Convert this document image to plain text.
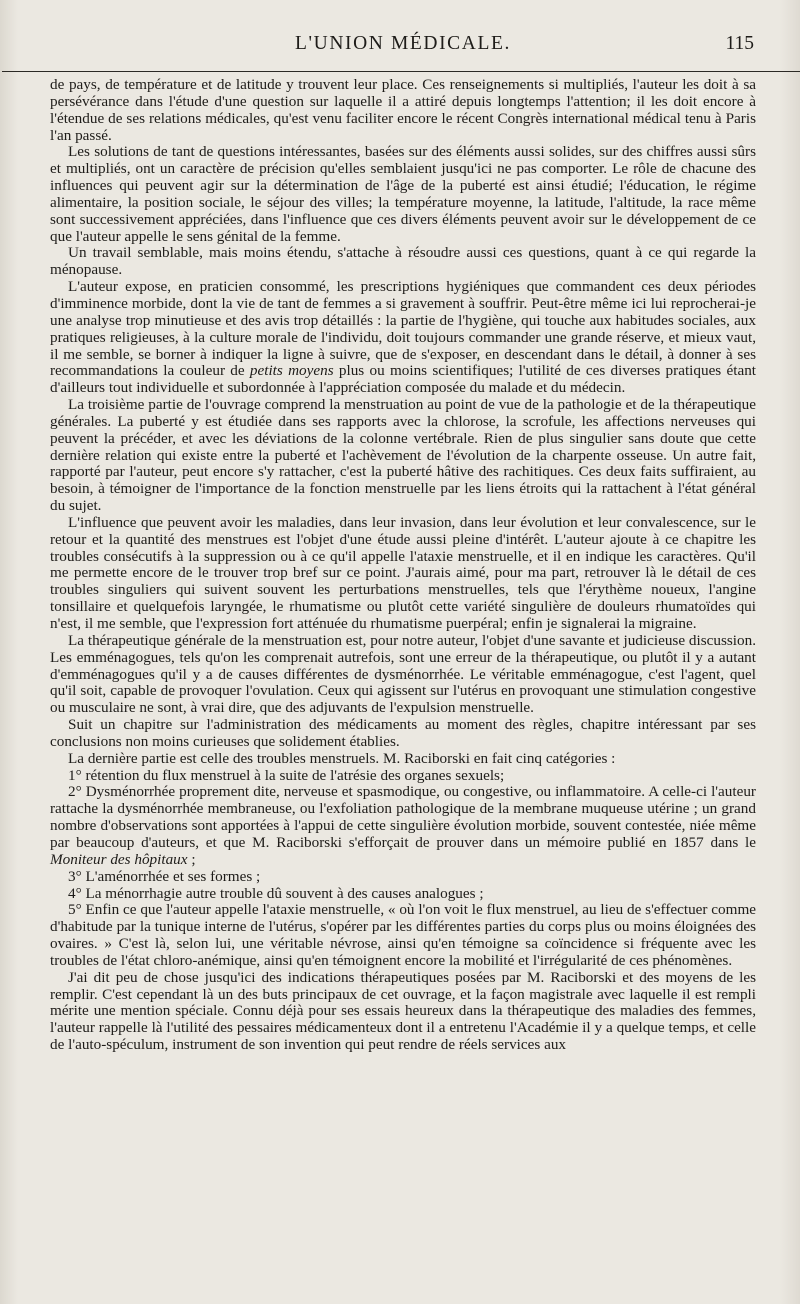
L'UNION MÉDICALE.	115

de pays, de température et de latitude y trouvent leur place. Ces renseignements si multipliés, l'auteur les doit à sa persévérance dans l'étude d'une question sur laquelle il a attiré depuis longtemps l'attention; il les doit encore à l'étendue de ses relations médicales, qu'est venu faciliter encore le récent Congrès international médical tenu à Paris l'an passé.

Les solutions de tant de questions intéressantes, basées sur des éléments aussi solides, sur des chiffres aussi sûrs et multipliés, ont un caractère de précision qu'elles semblaient jusqu'ici ne pas comporter. Le rôle de chacune des influences qui peuvent agir sur la détermination de l'âge de la puberté est ainsi étudié; l'éducation, le régime alimentaire, la position sociale, le séjour des villes; la température moyenne, la latitude, l'altitude, la race même sont successivement appréciées, dans l'influence que ces divers éléments peuvent avoir sur le développement de ce que l'auteur appelle le sens génital de la femme.

Un travail semblable, mais moins étendu, s'attache à résoudre aussi ces questions, quant à ce qui regarde la ménopause.

L'auteur expose, en praticien consommé, les prescriptions hygiéniques que commandent ces deux périodes d'imminence morbide, dont la vie de tant de femmes a si gravement à souffrir. Peut-être même ici lui reprocherai-je une analyse trop minutieuse et des avis trop détaillés : la partie de l'hygiène, qui touche aux habitudes sociales, aux pratiques religieuses, à la culture morale de l'individu, doit toujours commander une grande réserve, et mieux vaut, il me semble, se borner à indiquer la ligne à suivre, que de s'exposer, en descendant dans le détail, à donner à ses recommandations la couleur de petits moyens plus ou moins scientifiques; l'utilité de ces diverses pratiques étant d'ailleurs tout individuelle et subordonnée à l'appréciation composée du malade et du médecin.

La troisième partie de l'ouvrage comprend la menstruation au point de vue de la pathologie et de la thérapeutique générales. La puberté y est étudiée dans ses rapports avec la chlorose, la scrofule, les affections nerveuses qui peuvent la précéder, et avec les déviations de la colonne vertébrale. Rien de plus singulier sans doute que cette dernière relation qui existe entre la puberté et l'achèvement de l'évolution de la charpente osseuse. Un autre fait, rapporté par l'auteur, peut encore s'y rattacher, c'est la puberté hâtive des rachitiques. Ces deux faits suffiraient, au besoin, à témoigner de l'importance de la fonction menstruelle par les liens étroits qui la rattachent à l'état général du sujet.

L'influence que peuvent avoir les maladies, dans leur invasion, dans leur évolution et leur convalescence, sur le retour et la quantité des menstrues est l'objet d'une étude aussi pleine d'intérêt. L'auteur ajoute à ce chapitre les troubles consécutifs à la suppression ou à ce qu'il appelle l'ataxie menstruelle, et il en indique les caractères. Qu'il me permette encore de le trouver trop bref sur ce point. J'aurais aimé, pour ma part, retrouver là le détail de ces troubles singuliers qui suivent souvent les perturbations menstruelles, tels que l'érythème noueux, l'angine tonsillaire et quelquefois laryngée, le rhumatisme ou plutôt cette variété singulière de douleurs rhumatoïdes qui n'est, il me semble, que l'expression fort atténuée du rhumatisme puerpéral; enfin je signalerai la migraine.

La thérapeutique générale de la menstruation est, pour notre auteur, l'objet d'une savante et judicieuse discussion. Les emménagogues, tels qu'on les comprenait autrefois, sont une erreur de la thérapeutique, ou plutôt il y a autant d'emménagogues qu'il y a de causes différentes de dysménorrhée. Le véritable emménagogue, c'est l'agent, quel qu'il soit, capable de provoquer l'ovulation. Ceux qui agissent sur l'utérus en provoquant une stimulation congestive ou musculaire ne sont, à vrai dire, que des adjuvants de l'expulsion menstruelle.

Suit un chapitre sur l'administration des médicaments au moment des règles, chapitre intéressant par ses conclusions non moins curieuses que solidement établies.

La dernière partie est celle des troubles menstruels. M. Raciborski en fait cinq catégories :

1° rétention du flux menstruel à la suite de l'atrésie des organes sexuels;

2° Dysménorrhée proprement dite, nerveuse et spasmodique, ou congestive, ou inflammatoire. A celle-ci l'auteur rattache la dysménorrhée membraneuse, ou l'exfoliation pathologique de la membrane muqueuse utérine ; un grand nombre d'observations sont apportées à l'appui de cette singulière évolution morbide, souvent contestée, niée même par beaucoup d'auteurs, et que M. Raciborski s'efforçait de prouver dans un mémoire publié en 1857 dans le Moniteur des hôpitaux ;

3° L'aménorrhée et ses formes ;

4° La ménorrhagie autre trouble dû souvent à des causes analogues ;

5° Enfin ce que l'auteur appelle l'ataxie menstruelle, « où l'on voit le flux menstruel, au lieu de s'effectuer comme d'habitude par la tunique interne de l'utérus, s'opérer par les différentes parties du corps plus ou moins éloignées des ovaires. » C'est là, selon lui, une véritable névrose, ainsi qu'en témoigne sa coïncidence si fréquente avec les troubles de l'état chloro-anémique, ainsi qu'en témoignent encore la mobilité et l'irrégularité de ces phénomènes.

J'ai dit peu de chose jusqu'ici des indications thérapeutiques posées par M. Raciborski et des moyens de les remplir. C'est cependant là un des buts principaux de cet ouvrage, et la façon magistrale avec laquelle il est rempli mérite une mention spéciale. Connu déjà pour ses essais heureux dans la thérapeutique des maladies des femmes, l'auteur rappelle là l'utilité des pessaires médicamenteux dont il a entretenu l'Académie il y a quelque temps, et celle de l'auto-spéculum, instrument de son invention qui peut rendre de réels services aux
